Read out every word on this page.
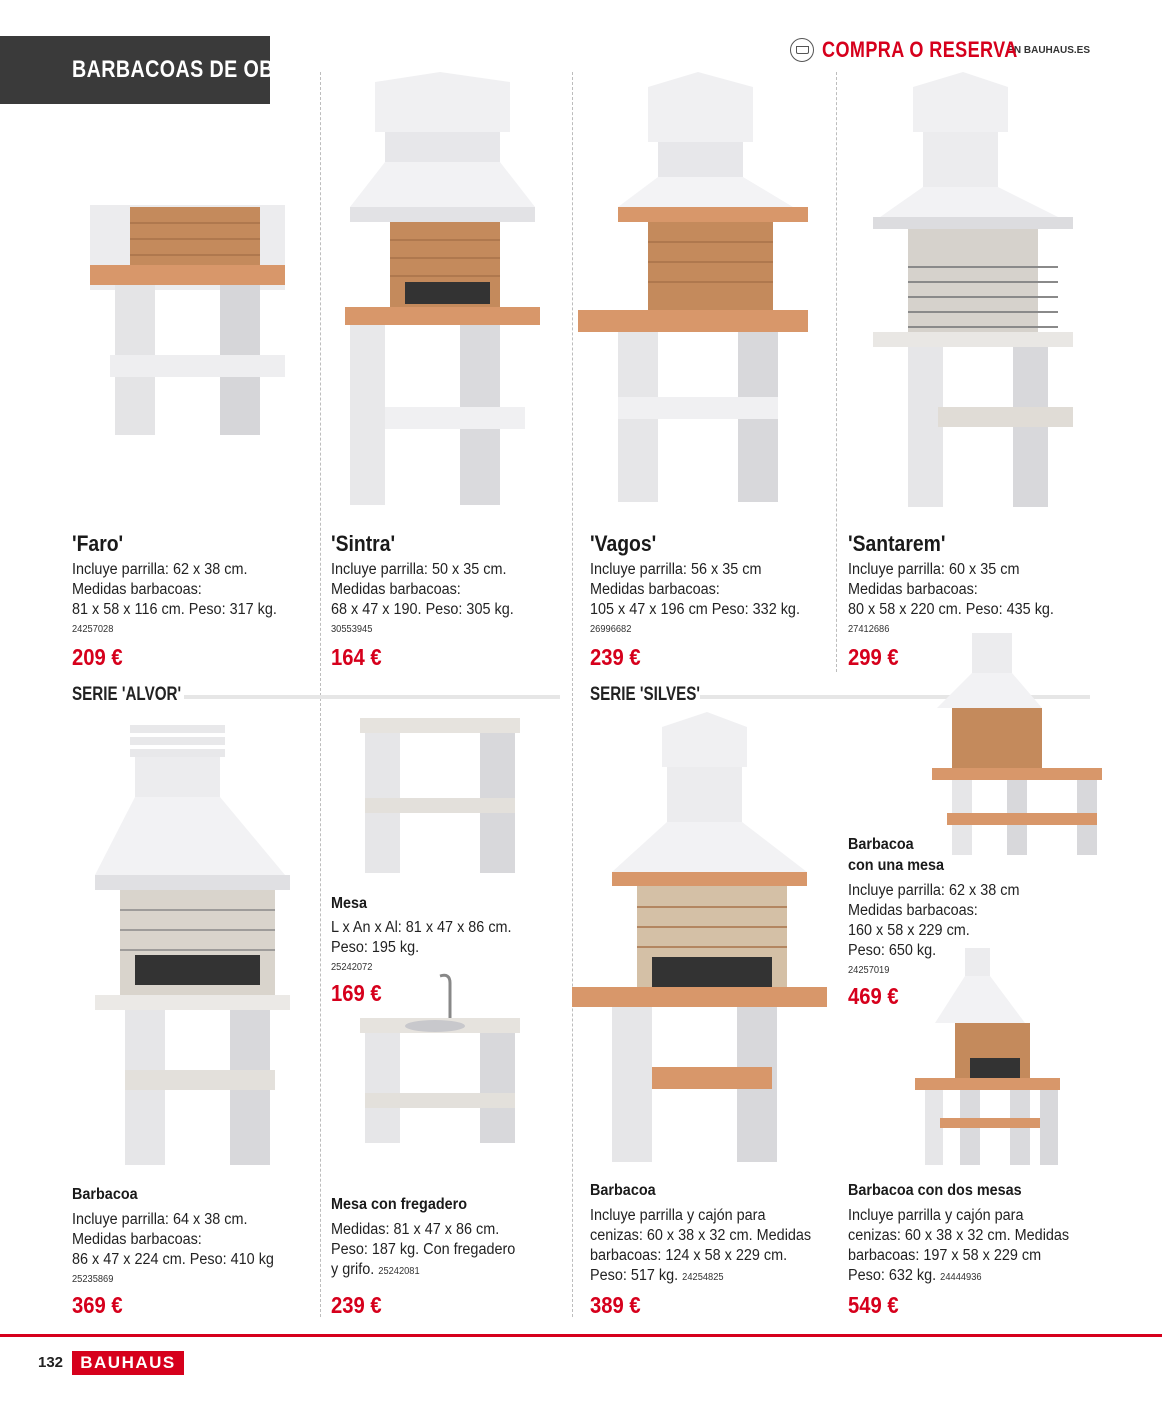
BARBACOAS DE OBRA
COMPRA O RESERVA
EN BAUHAUS.ES
'Faro'
Incluye parrilla: 62 x 38 cm.
Medidas barbacoas:
81 x 58 x 116 cm. Peso: 317 kg.
24257028
209 €
'Sintra'
Incluye parrilla: 50 x 35 cm.
Medidas barbacoas:
68 x 47 x 190. Peso: 305 kg.
30553945
164 €
'Vagos'
Incluye parrilla: 56 x 35 cm
Medidas barbacoas:
105 x 47 x 196 cm Peso: 332 kg.
26996682
239 €
'Santarem'
Incluye parrilla: 60 x 35 cm
Medidas barbacoas:
80 x 58 x 220 cm. Peso: 435 kg.
27412686
299 €
SERIE 'ALVOR'	SERIE 'SILVES'
Barbacoa
Incluye parrilla: 64 x 38 cm.
Medidas barbacoas:
86 x 47 x 224 cm. Peso: 410 kg
25235869
369 €
Mesa
L x An x Al: 81 x 47 x 86 cm.
Peso: 195 kg.
25242072
169 €
Mesa con fregadero
Medidas: 81 x 47 x 86 cm.
Peso: 187 kg. Con fregadero
y grifo. 25242081
239 €
Barbacoa
Incluye parrilla y cajón para
cenizas: 60 x 38 x 32 cm. Medidas
barbacoas: 124 x 58 x 229 cm.
Peso: 517 kg. 24254825
389 €
Barbacoa
con una mesa
Incluye parrilla: 62 x 38 cm
Medidas barbacoas:
160 x 58 x 229 cm.
Peso: 650 kg.
24257019
469 €
Barbacoa con dos mesas
Incluye parrilla y cajón para
cenizas: 60 x 38 x 32 cm. Medidas
barbacoas: 197 x 58 x 229 cm
Peso: 632 kg. 24444936
549 €
132	BAUHAUS
